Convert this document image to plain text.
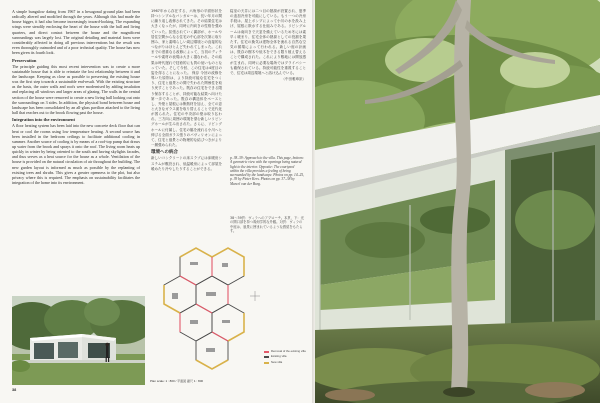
A simple bungalow dating from 1967 in a hexagonal ground plan had been radically altered and modified through the years. Although this had made the house bigger, it had also become increasingly inward-looking. The expanding wings were steadily enclosing the heart of the house with the hall and living quarters, and direct contact between the house and the magnificent surroundings was largely lost. The original detailing and material form were considerably affected in doing all previous interventions but the result was even thoroughly outmoded and of a poor technical quality. The house has now been given its fourth look.

Preservation

The principle guiding this most recent intervention was to create a more sustainable house that is able to reinstate the lost relationship between it and the landscape. Keeping as close as possible to preserving the existing house was the first step towards a sustainable end-result. With the existing structure as the basis, the outer walls and roofs were modernised by adding insulation and replacing all windows and larger areas of glazing. The walls in the central section of the house were removed to create a new living hall looking out onto the surroundings on 3 sides. In addition, the physical bond between house and landscape has been consolidated by an all-glass pavilion attached to the living hall that reaches out to the brook flowing past the house.

Integration into the environment

A floor heating system has been laid into the new concrete deck floor that can heat or cool the rooms using low temperature heating. A second source has been installed in the bedroom ceilings to facilitate additional cooling in summer. Another source of cooling is by means of a roof-top pump that draws up water from the brook and sprays it onto the roof. The living room heats up quickly in winter by being oriented to the south and having skylights facades, and thus serves as a heat source for the house as a whole. Ventilation of the house is provided on the natural circulation of air throughout the building. The new garden layout is informed as much as possible by the replanting of existing trees and shrubs. This gives a greater openness to the plot, but also privacy where this is required. The emphasis on sustainability facilitates the integration of the home into its environment.

1967年から存在する、六角形の平面形状を持つシンプルなバンガローは、長い年月の間に繰り返し改修されてきた。その結果住宅は大きくなったが、同時に内向きの性格を強めていった。拡張されていく翼部が、ホールや居住空間からなる住宅の中心部を次第に取り囲み、家と素晴らしい周辺環境との直接的なつながりはほとんど失われてしまった。これまでの度重なる改修によって、当初のディテールや素材の表現は大きく損なわれ、その結果は時代遅れで技術的にも質の低いものとなっていた。そして今回、この住宅は4度目の姿を得ることになった。 保存 今回の改修を導いた原則は、より持続可能な住宅をつくり、住宅と風景との間で失われた関係性を取り戻すことであった。既存の住宅をできる限り保存することが、持続可能な結果へ向けた第一歩であった。既存の構造体をベースとし、外壁と屋根には断熱材を加え、全ての窓と大きなガラス面を取り替えることで近代化が図られた。住宅の中央部の壁は取り払われ、三方向に周囲の環境を望む新しいリビングホールが生み出された。さらに、リビングホールに付属し、住宅の脇を流れる小川へと伸びる全面ガラス張りのパヴィリオンによって、住宅と風景との物理的な結びつきがより一層強められた。

環境への統合

新しいコンクリートの床スラブには床暖房システムが敷設され、低温暖房によって部屋を暖めたり冷やしたりすることができる。

寝室の天井には二つ目の熱源が設置され、夏季の追加冷房を可能にしている。もう一つの冷房手段は、屋上ポンプによって小川の水を汲み上げ、屋根に散水する仕組みである。リビングルームは南向きで天窓を備えているため冬には素早く暖まり、住宅全体の熱源としての役割を果たす。住宅の換気は建物全体を流れる自然な空気の循環によって行われる。新しい庭の計画は、既存の樹木や低木をできる限り植え替えることで構成された。これにより敷地には開放感が生まれ、同時に必要な場所ではプライバシーも確保されている。持続可能性を重視することで、住宅は周辺環境へと溶け込んでいる。

（中田雅章訳）

p. 38–39: Approach to the villa. This page, bottom: A geometric view with the openings being natural light to the interior. Opposite: The courtyard within the villa provides a feeling of being surrounded by the landscape. Photos on pp. 14–25, p. 39 by Pieter Kers. Photos on pp. 37–38 by Marcel van der Burg.
38～39頁：ヴィラへのアプローチ。本頁、下：光の開口部を持つ幾何学的な外観。対頁：ヴィラの中庭は、風景に囲まれているような感覚をもたらす。
Removal of the existing villa
Existing villa
New villa
Plan scale: 1 : 800 / 平面図 縮尺 1 : 800
38
